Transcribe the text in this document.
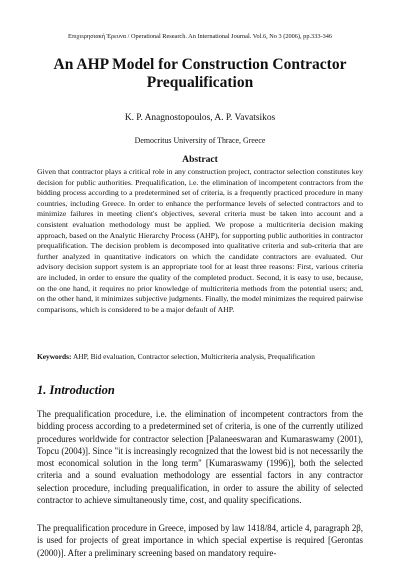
Επιχειρησιακή Έρευνα / Operational Research. An International Journal. Vol.6, No 3 (2006), pp.333-346
An AHP Model for Construction Contractor Prequalification
K. P. Anagnostopoulos, A. P. Vavatsikos
Democritus University of Thrace, Greece
Abstract
Given that contractor plays a critical role in any construction project, contractor selection constitutes key decision for public authorities. Prequalification, i.e. the elimination of incompetent contractors from the bidding process according to a predetermined set of criteria, is a frequently practiced procedure in many countries, including Greece. In order to enhance the performance levels of selected contractors and to minimize failures in meeting client's objectives, several criteria must be taken into account and a consistent evaluation methodology must be applied. We propose a multicriteria decision making approach, based on the Analytic Hierarchy Process (AHP), for supporting public authorities in contractor prequalification. The decision problem is decomposed into qualitative criteria and sub-criteria that are further analyzed in quantitative indicators on which the candidate contractors are evaluated. Our advisory decision support system is an appropriate tool for at least three reasons: First, various criteria are included, in order to ensure the quality of the completed product. Second, it is easy to use, because, on the one hand, it requires no prior knowledge of multicriteria methods from the potential users; and, on the other hand, it minimizes subjective judgments. Finally, the model minimizes the required pairwise comparisons, which is considered to be a major default of AHP.
Keywords: AHP, Bid evaluation, Contractor selection, Multicriteria analysis, Prequalification
1. Introduction
The prequalification procedure, i.e. the elimination of incompetent contractors from the bidding process according to a predetermined set of criteria, is one of the currently utilized procedures worldwide for contractor selection [Palaneeswaran and Kumaraswamy (2001), Topcu (2004)]. Since "it is increasingly recognized that the lowest bid is not necessarily the most economical solution in the long term" [Kumaraswamy (1996)], both the selected criteria and a sound evaluation methodology are essential factors in any contractor selection procedure, including prequalification, in order to assure the ability of selected contractor to achieve simultaneously time, cost, and quality specifications.
The prequalification procedure in Greece, imposed by law 1418/84, article 4, paragraph 2β, is used for projects of great importance in which special expertise is required [Gerontas (2000)]. After a preliminary screening based on mandatory require-
